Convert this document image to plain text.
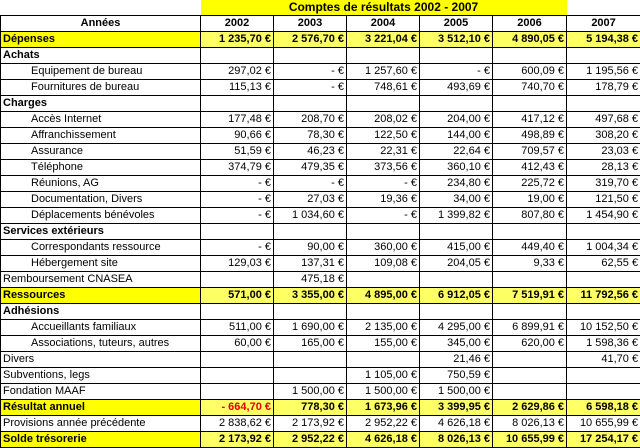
	Comptes de résultats 2002 - 2007					
Années	2002	2003	2004	2005	2006	2007
Dépenses	1 235,70 €	2 576,70 €	3 221,04 €	3 512,10 €	4 890,05 €	5 194,38 €
Achats						
Equipement de bureau	297,02 €	- €	1 257,60 €	- €	600,09 €	1 195,56 €
Fournitures de bureau	115,13 €	- €	748,61 €	493,69 €	740,70 €	178,79 €
Charges						
Accès Internet	177,48 €	208,70 €	208,02 €	204,00 €	417,12 €	497,68 €
Affranchissement	90,66 €	78,30 €	122,50 €	144,00 €	498,89 €	308,20 €
Assurance	51,59 €	46,23 €	22,31 €	22,64 €	709,57 €	23,03 €
Téléphone	374,79 €	479,35 €	373,56 €	360,10 €	412,43 €	28,13 €
Réunions, AG	- €	- €	- €	234,80 €	225,72 €	319,70 €
Documentation, Divers	- €	27,03 €	19,36 €	34,00 €	19,00 €	121,50 €
Déplacements bénévoles	- €	1 034,60 €	- €	1 399,82 €	807,80 €	1 454,90 €
Services extérieurs						
Correspondants ressource	- €	90,00 €	360,00 €	415,00 €	449,40 €	1 004,34 €
Hébergement site	129,03 €	137,31 €	109,08 €	204,05 €	9,33 €	62,55 €
Remboursement CNASEA		475,18 €				
Ressources	571,00 €	3 355,00 €	4 895,00 €	6 912,05 €	7 519,91 €	11 792,56 €
Adhésions						
Accueillants familiaux	511,00 €	1 690,00 €	2 135,00 €	4 295,00 €	6 899,91 €	10 152,50 €
Associations, tuteurs, autres	60,00 €	165,00 €	155,00 €	345,00 €	620,00 €	1 598,36 €
Divers				21,46 €		41,70 €
Subventions, legs			1 105,00 €	750,59 €		
Fondation MAAF		1 500,00 €	1 500,00 €	1 500,00 €		
Résultat annuel	- 664,70 €	778,30 €	1 673,96 €	3 399,95 €	2 629,86 €	6 598,18 €
Provisions année précédente	2 838,62 €	2 173,92 €	2 952,22 €	4 626,18 €	8 026,13 €	10 655,99 €
Solde trésorerie	2 173,92 €	2 952,22 €	4 626,18 €	8 026,13 €	10 655,99 €	17 254,17 €
